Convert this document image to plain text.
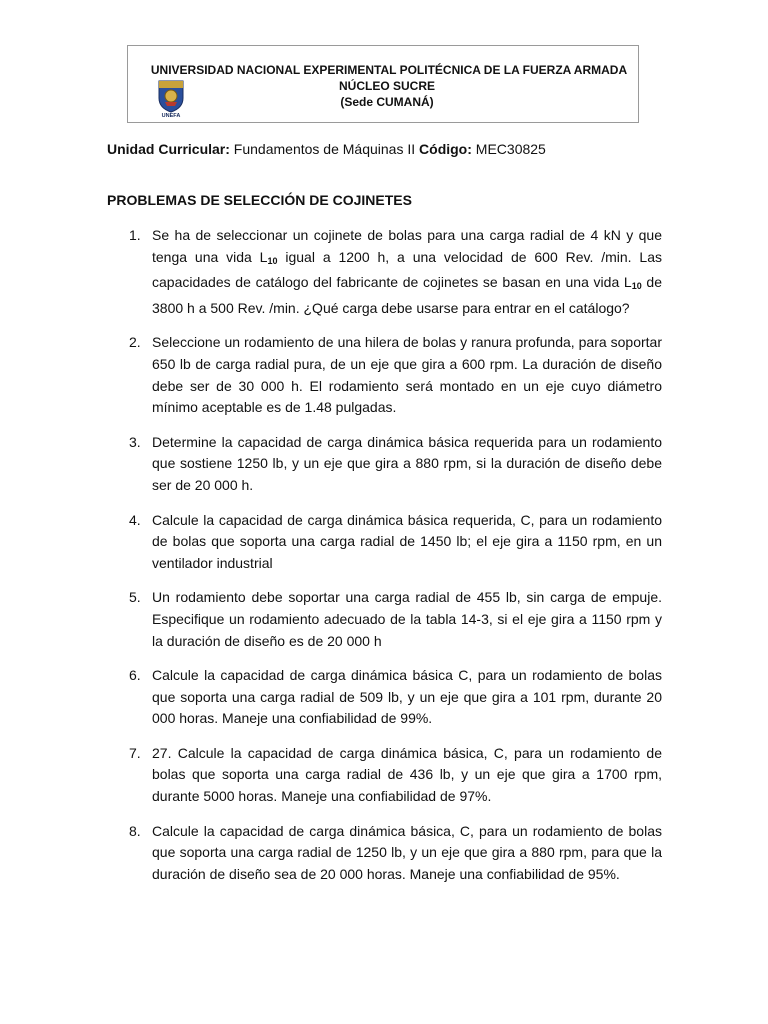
UNEFA
UNIVERSIDAD NACIONAL EXPERIMENTAL POLITÉCNICA DE LA FUERZA ARMADA
NÚCLEO SUCRE
(Sede CUMANÁ)
Unidad Curricular: Fundamentos de Máquinas II Código: MEC30825
PROBLEMAS DE SELECCIÓN DE COJINETES
1. Se ha de seleccionar un cojinete de bolas para una carga radial de 4 kN y que tenga una vida $L_{10}$ igual a 1200 h, a una velocidad de 600 Rev. /min. Las capacidades de catálogo del fabricante de cojinetes se basan en una vida $L_{10}$ de 3800 h a 500 Rev. /min. ¿Qué carga debe usarse para entrar en el catálogo?
2. Seleccione un rodamiento de una hilera de bolas y ranura profunda, para soportar 650 lb de carga radial pura, de un eje que gira a 600 rpm. La duración de diseño debe ser de 30 000 h. El rodamiento será montado en un eje cuyo diámetro mínimo aceptable es de 1.48 pulgadas.
3. Determine la capacidad de carga dinámica básica requerida para un rodamiento que sostiene 1250 lb, y un eje que gira a 880 rpm, si la duración de diseño debe ser de 20 000 h.
4. Calcule la capacidad de carga dinámica básica requerida, C, para un rodamiento de bolas que soporta una carga radial de 1450 lb; el eje gira a 1150 rpm, en un ventilador industrial
5. Un rodamiento debe soportar una carga radial de 455 lb, sin carga de empuje. Especifique un rodamiento adecuado de la tabla 14-3, si el eje gira a 1150 rpm y la duración de diseño es de 20 000 h
6. Calcule la capacidad de carga dinámica básica C, para un rodamiento de bolas que soporta una carga radial de 509 lb, y un eje que gira a 101 rpm, durante 20 000 horas. Maneje una confiabilidad de 99%.
7. 27. Calcule la capacidad de carga dinámica básica, C, para un rodamiento de bolas que soporta una carga radial de 436 lb, y un eje que gira a 1700 rpm, durante 5000 horas. Maneje una confiabilidad de 97%.
8. Calcule la capacidad de carga dinámica básica, C, para un rodamiento de bolas que soporta una carga radial de 1250 lb, y un eje que gira a 880 rpm, para que la duración de diseño sea de 20 000 horas. Maneje una confiabilidad de 95%.
